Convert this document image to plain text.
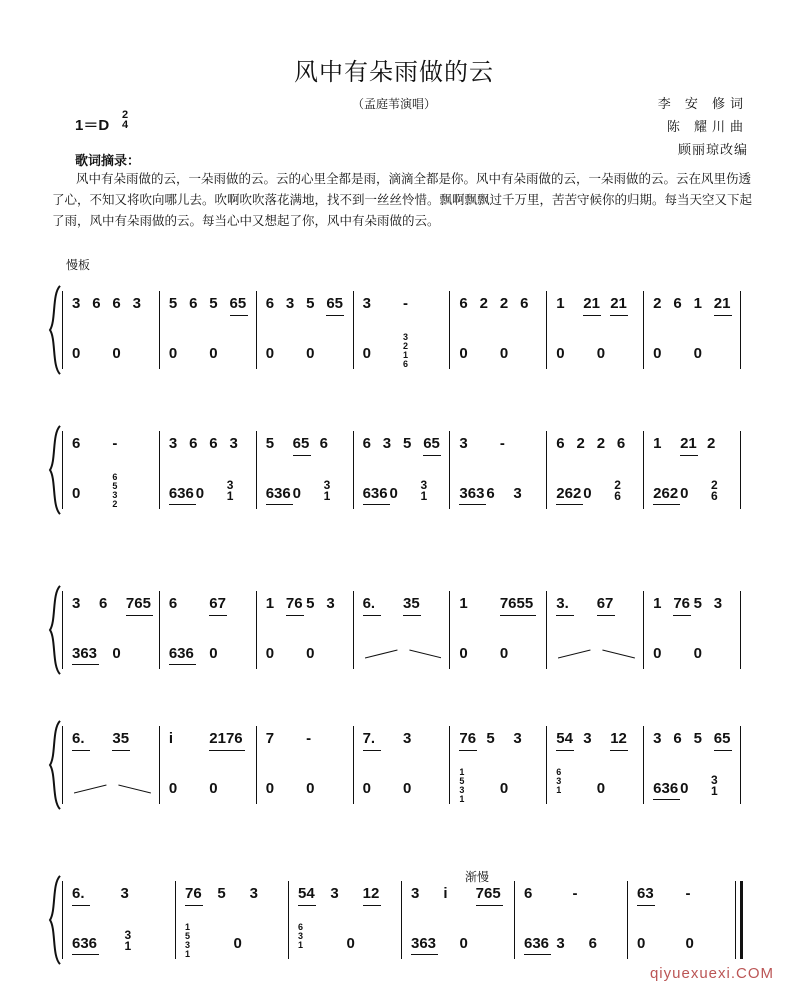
风中有朵雨做的云
（孟庭苇演唱）	李 安 修词
陈 耀川曲
顾丽琼改编
1＝D
2
4
歌词摘录：
风中有朵雨做的云，一朵雨做的云。云的心里全都是雨，滴滴全都是你。风中有朵雨做的云，一朵雨做的云。云在风里伤透了心，不知又将吹向哪儿去。吹啊吹吹落花满地，找不到一丝丝怜惜。飘啊飘飘过千万里，苦苦守候你的归期。每当天空又下起了雨，风中有朵雨做的云。每当心中又想起了你，风中有朵雨做的云。
慢板
渐慢
3 6 6 3
0 0
5 6 5 65
0 0
6 3 5 65
0 0
3 -
0
3
2
1
6
6 2 2 6
0 0
1 21 21
0 0
2 6 1 21
0 0
6 -
0
6
5
3
2
3 6 6 3
636 0 3
1
5 65 6
636 0 3
1
6 3 5 65
636 0 3
1
3 -
363 6 3
6 2 2 6
262 0 2
6
1 21 2
262 0 2
6
3 6 765
363 0
6 67
636 0
1 76 5 3
0 0
6. 35	1 7655
0 0
3. 67	1 76 5 3
0 0
6. 35	i 2176
0 0
7 -
0 0
7. 3
0 0
76 5 3
1
5
3
1
0
54 3 12
6
3
1 0
3 6 5 65
636 0 3
1
6. 3
636 3
1
76 5 3
1
5
3
1
0
54 3 12
6
3
1	0
3 i 765
363 0
6	-
636 3 6
63 -
0	0
qiyuexuexi.COM
